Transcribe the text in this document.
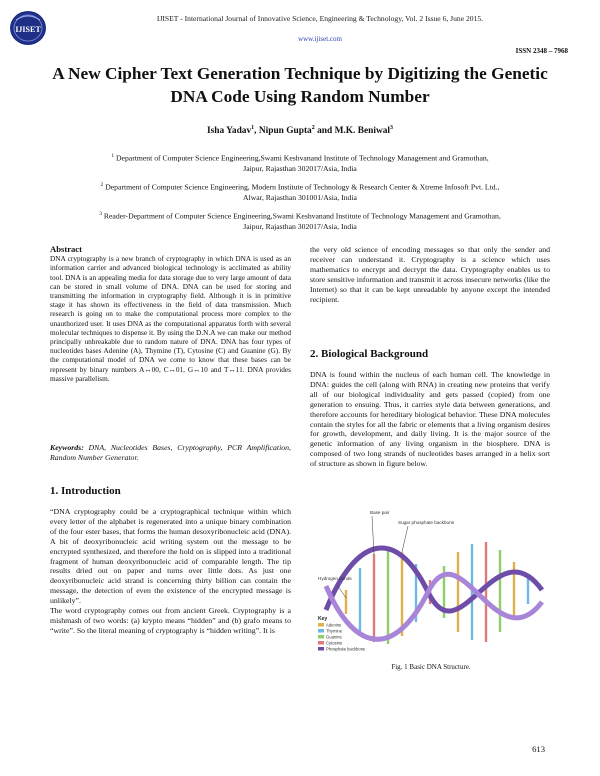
IJISET
IJISET - International Journal of Innovative Science, Engineering & Technology, Vol. 2 Issue 6, June 2015.
www.ijiset.com
ISSN 2348 – 7968
A New Cipher Text Generation Technique by Digitizing the Genetic
DNA Code Using Random Number
Isha Yadav$^1$, Nipun Gupta$^2$ and M.K. Beniwal$^3$
$^1$ Department of Computer Science Engineering,Swami Keshvanand Institute of Technology Management and Gramothan,
Jaipur, Rajasthan 302017/Asia, India
$^2$ Department of Computer Science Engineering, Modern Institute of Technology & Research Center & Xtreme Infosoft Pvt. Ltd.,
Alwar, Rajasthan 301001/Asia, India
$^3$ Reader-Department of Computer Science Engineering,Swami Keshvanand Institute of Technology Management and Gramothan,
Jaipur, Rajasthan 302017/Asia, India
Abstract
DNA cryptography is a new branch of cryptography in which DNA is used as an information carrier and advanced biological technology is acclimated as ability tool. DNA is an appealing media for data storage due to very large amount of data can be stored in small volume of DNA. DNA can be used for storing and transmitting the information in cryptography field. Although it is in primitive stage it has shown its effectiveness in the field of data transmission. Much research is going on to make the computational process more complex to the unauthorized user. It uses DNA as the computational apparatus forth with several molecular techniques to dispense it. By using the D.N.A we can make our method principally unbreakable due to random nature of DNA. DNA has four types of nucleotides bases Adenine (A), Thymine (T), Cytosine (C) and Guanine (G). By the computational model of DNA we come to know that these bases can be represent by binary numbers A↔00, C↔01, G↔10 and T↔11. DNA provides massive parallelism.
Keywords: DNA, Nucleotides Bases, Cryptography, PCR Amplification, Random Number Generator.
1. Introduction
“DNA cryptography could be a cryptographical technique within which every letter of the alphabet is regenerated into a unique binary combination of the four ester bases, that forms the human desoxyribonucleic acid (DNA). A bit of deoxyribonucleic acid writing system out the message to be encrypted synthesized, and therefore the hold on is slipped into a traditional fragment of human deoxyribonucleic acid of comparable length. The tip results dried out on paper and turns over little dots. As just one deoxyribonucleic acid strand is concerning thirty billion can contain the message, the detection of even the existence of the encrypted message is unlikely”.
The word cryptography comes out from ancient Greek. Cryptography is a mishmash of two words: (a) krypto means “hidden” and (b) grafo means to “write”. So the literal meaning of cryptography is “hidden writing”. It is
the very old science of encoding messages so that only the sender and receiver can understand it. Cryptography is a science which uses mathematics to encrypt and decrypt the data. Cryptography enables us to store sensitive information and transmit it across insecure networks (like the Internet) so that it can be kept unreadable by anyone except the intended recipient.
2. Biological Background
DNA is found within the nucleus of each human cell. The knowledge in DNA: guides the cell (along with RNA) in creating new proteins that verify all of our biological individuality and gets passed (copied) from one generation to ensuing. Thus, it carries style data between generations, and therefore accounts for hereditary biological behavior. These DNA molecules contain the styles for all the fabric or elements that a living organism desires for growth, development, and daily living. It is the major source of the genetic information of any living organism in the biosphere. DNA is composed of two long strands of nucleotides bases arranged in a helix sort of structure as shown in figure below.
Base pair
Sugar phosphate backbone
Hydrogen bonds
Key
Adenine
Thymine
Guanine
Cytosine
Phosphate backbone
Fig. 1 Basic DNA Structure.
613
